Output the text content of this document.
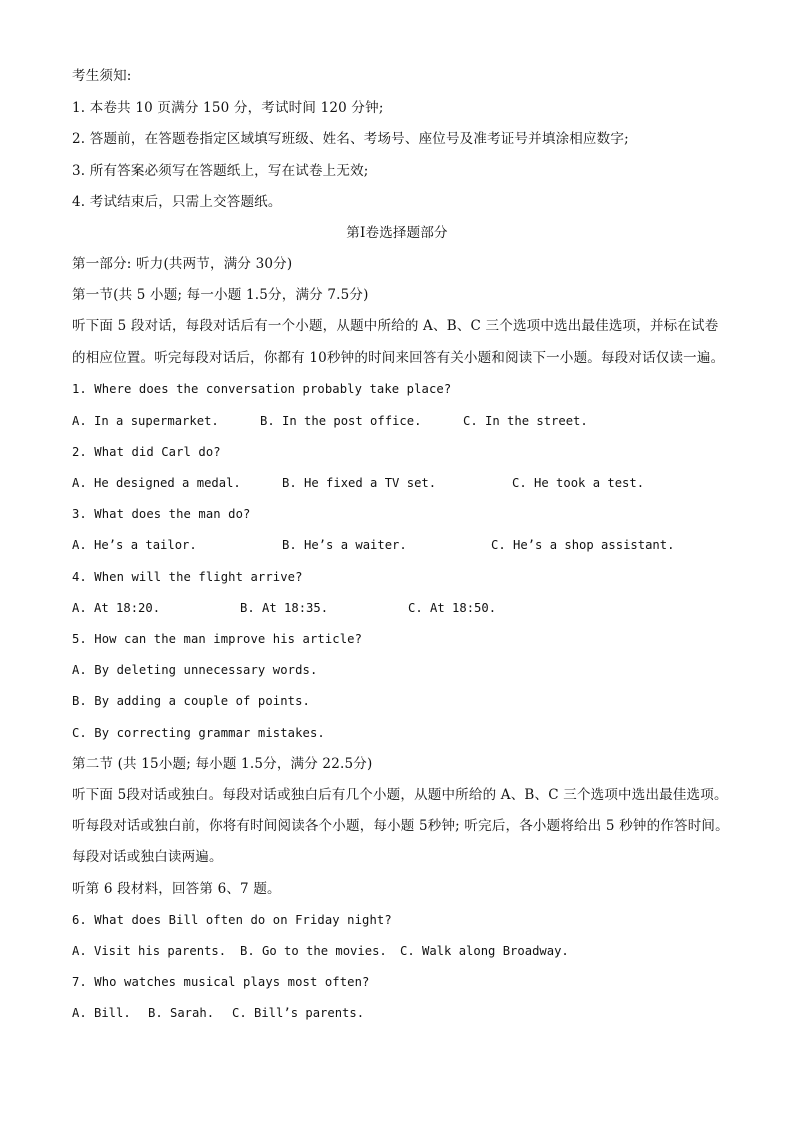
考生须知:
1. 本卷共 10 页满分 150 分，考试时间 120 分钟;
2. 答题前，在答题卷指定区域填写班级、姓名、考场号、座位号及准考证号并填涂相应数字;
3. 所有答案必须写在答题纸上，写在试卷上无效;
4. 考试结束后，只需上交答题纸。
第I卷选择题部分
第一部分: 听力(共两节，满分 30分)
第一节(共 5 小题; 每一小题 1.5分，满分 7.5分)
听下面 5 段对话，每段对话后有一个小题，从题中所给的 A、B、C 三个选项中选出最佳选项，并标在试卷
的相应位置。听完每段对话后，你都有 10秒钟的时间来回答有关小题和阅读下一小题。每段对话仅读一遍。
1. Where does the conversation probably take place?
A. In a supermarket.	B. In the post office.	C. In the street.
2. What did Carl do?
A. He designed a medal.	B. He fixed a TV set.	C. He took a test.
3. What does the man do?
A. He’s a tailor.	B. He’s a waiter.	C. He’s a shop assistant.
4. When will the flight arrive?
A. At 18:20.	B. At 18:35.	C. At 18:50.
5. How can the man improve his article?
A. By deleting unnecessary words.
B. By adding a couple of points.
C. By correcting grammar mistakes.
第二节 (共 15小题; 每小题 1.5分，满分 22.5分)
听下面 5段对话或独白。每段对话或独白后有几个小题，从题中所给的 A、B、C 三个选项中选出最佳选项。
听每段对话或独白前，你将有时间阅读各个小题，每小题 5秒钟; 听完后，各小题将给出 5 秒钟的作答时间。
每段对话或独白读两遍。
听第 6 段材料，回答第 6、7 题。
6. What does Bill often do on Friday night?
A. Visit his parents. B. Go to the movies. C. Walk along Broadway.
7. Who watches musical plays most often?
A. Bill. B. Sarah. C. Bill’s parents.
